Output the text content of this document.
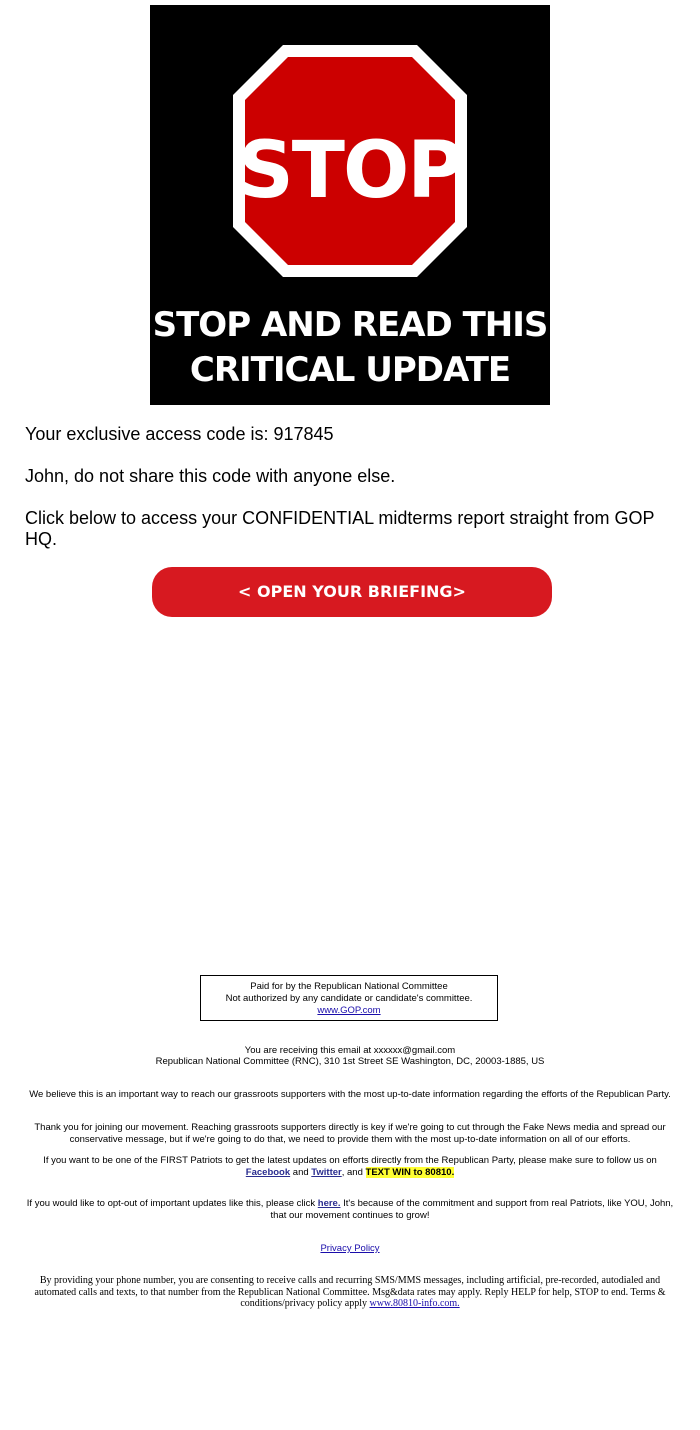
STOP
STOP AND READ THIS
CRITICAL UPDATE

Your exclusive access code is: 917845

John, do not share this code with anyone else.

Click below to access your CONFIDENTIAL midterms report straight from GOP HQ.

< OPEN YOUR BRIEFING>
Paid for by the Republican National Committee
Not authorized by any candidate or candidate's committee.
www.GOP.com

You are receiving this email at xxxxxx@gmail.com

Republican National Committee (RNC), 310 1st Street SE Washington, DC, 20003-1885, US

We believe this is an important way to reach our grassroots supporters with the most up-to-date information regarding the efforts of the Republican Party.

Thank you for joining our movement. Reaching grassroots supporters directly is key if we're going to cut through the Fake News media and spread our conservative message, but if we're going to do that, we need to provide them with the most up-to-date information on all of our efforts.

If you want to be one of the FIRST Patriots to get the latest updates on efforts directly from the Republican Party, please make sure to follow us on Facebook and Twitter, and TEXT WIN to 80810.

If you would like to opt-out of important updates like this, please click here. It's because of the commitment and support from real Patriots, like YOU, John, that our movement continues to grow!

Privacy Policy

By providing your phone number, you are consenting to receive calls and recurring SMS/MMS messages, including artificial, pre-recorded, autodialed and automated calls and texts, to that number from the Republican National Committee. Msg&data rates may apply. Reply HELP for help, STOP to end. Terms & conditions/privacy policy apply www.80810-info.com.
